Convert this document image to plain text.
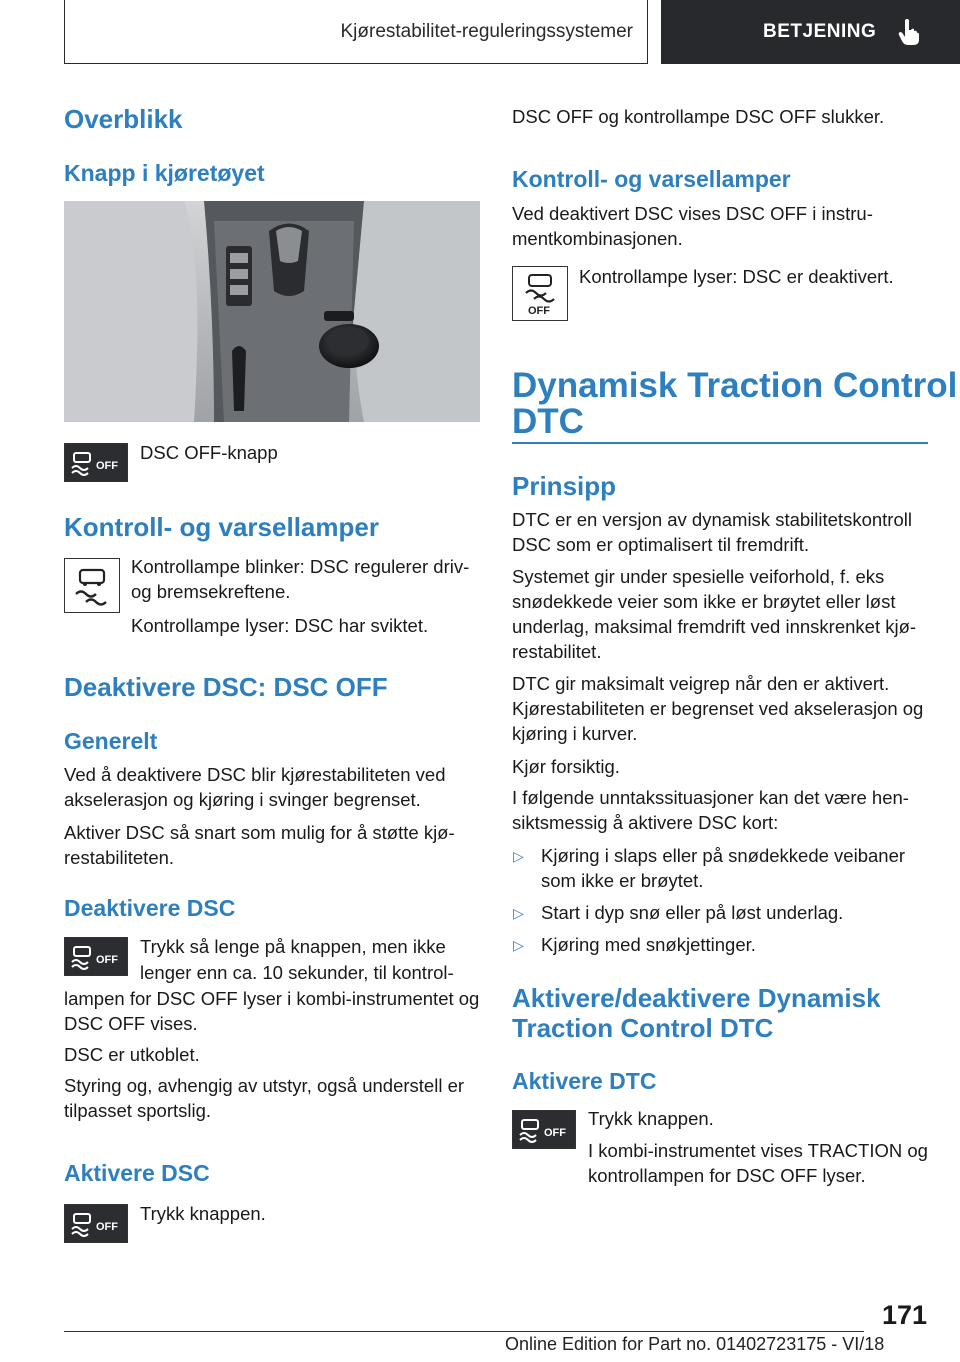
Kjørestabilitet-reguleringssystemer	BETJENING
Overblikk
Knapp i kjøretøyet
OFF
DSC OFF-knapp
Kontroll- og varsellamper
Kontrollampe blinker: DSC regulerer driv- og bremsekreftene.
Kontrollampe lyser: DSC har sviktet.
Deaktivere DSC: DSC OFF
Generelt
Ved å deaktivere DSC blir kjørestabiliteten ved akselerasjon og kjøring i svinger begrenset.
Aktiver DSC så snart som mulig for å støtte kjø-restabiliteten.
Deaktivere DSC
OFF
Trykk så lenge på knappen, men ikke
lenger enn ca. 10 sekunder, til kontrol-
lampen for DSC OFF lyser i kombi-instrumentet og DSC OFF vises.
DSC er utkoblet.
Styring og, avhengig av utstyr, også understell er tilpasset sportslig.
Aktivere DSC
OFF
Trykk knappen.
DSC OFF og kontrollampe DSC OFF slukker.
Kontroll- og varsellamper
Ved deaktivert DSC vises DSC OFF i instru-mentkombinasjonen.
OFF
Kontrollampe lyser: DSC er deaktivert.
Dynamisk Traction Control
DTC
Prinsipp
DTC er en versjon av dynamisk stabilitetskontroll DSC som er optimalisert til fremdrift.
Systemet gir under spesielle veiforhold, f. eks snødekkede veier som ikke er brøytet eller løst underlag, maksimal fremdrift ved innskrenket kjø-restabilitet.
DTC gir maksimalt veigrep når den er aktivert. Kjørestabiliteten er begrenset ved akselerasjon og kjøring i kurver.
Kjør forsiktig.
I følgende unntakssituasjoner kan det være hen-siktsmessig å aktivere DSC kort:
▷ Kjøring i slaps eller på snødekkede veibaner som ikke er brøytet.
▷ Start i dyp snø eller på løst underlag.
▷ Kjøring med snøkjettinger.
Aktivere/deaktivere Dynamisk
Traction Control DTC
Aktivere DTC
OFF
Trykk knappen.
I kombi-instrumentet vises TRACTION og kontrollampen for DSC OFF lyser.
171
Online Edition for Part no. 01402723175 - VI/18
